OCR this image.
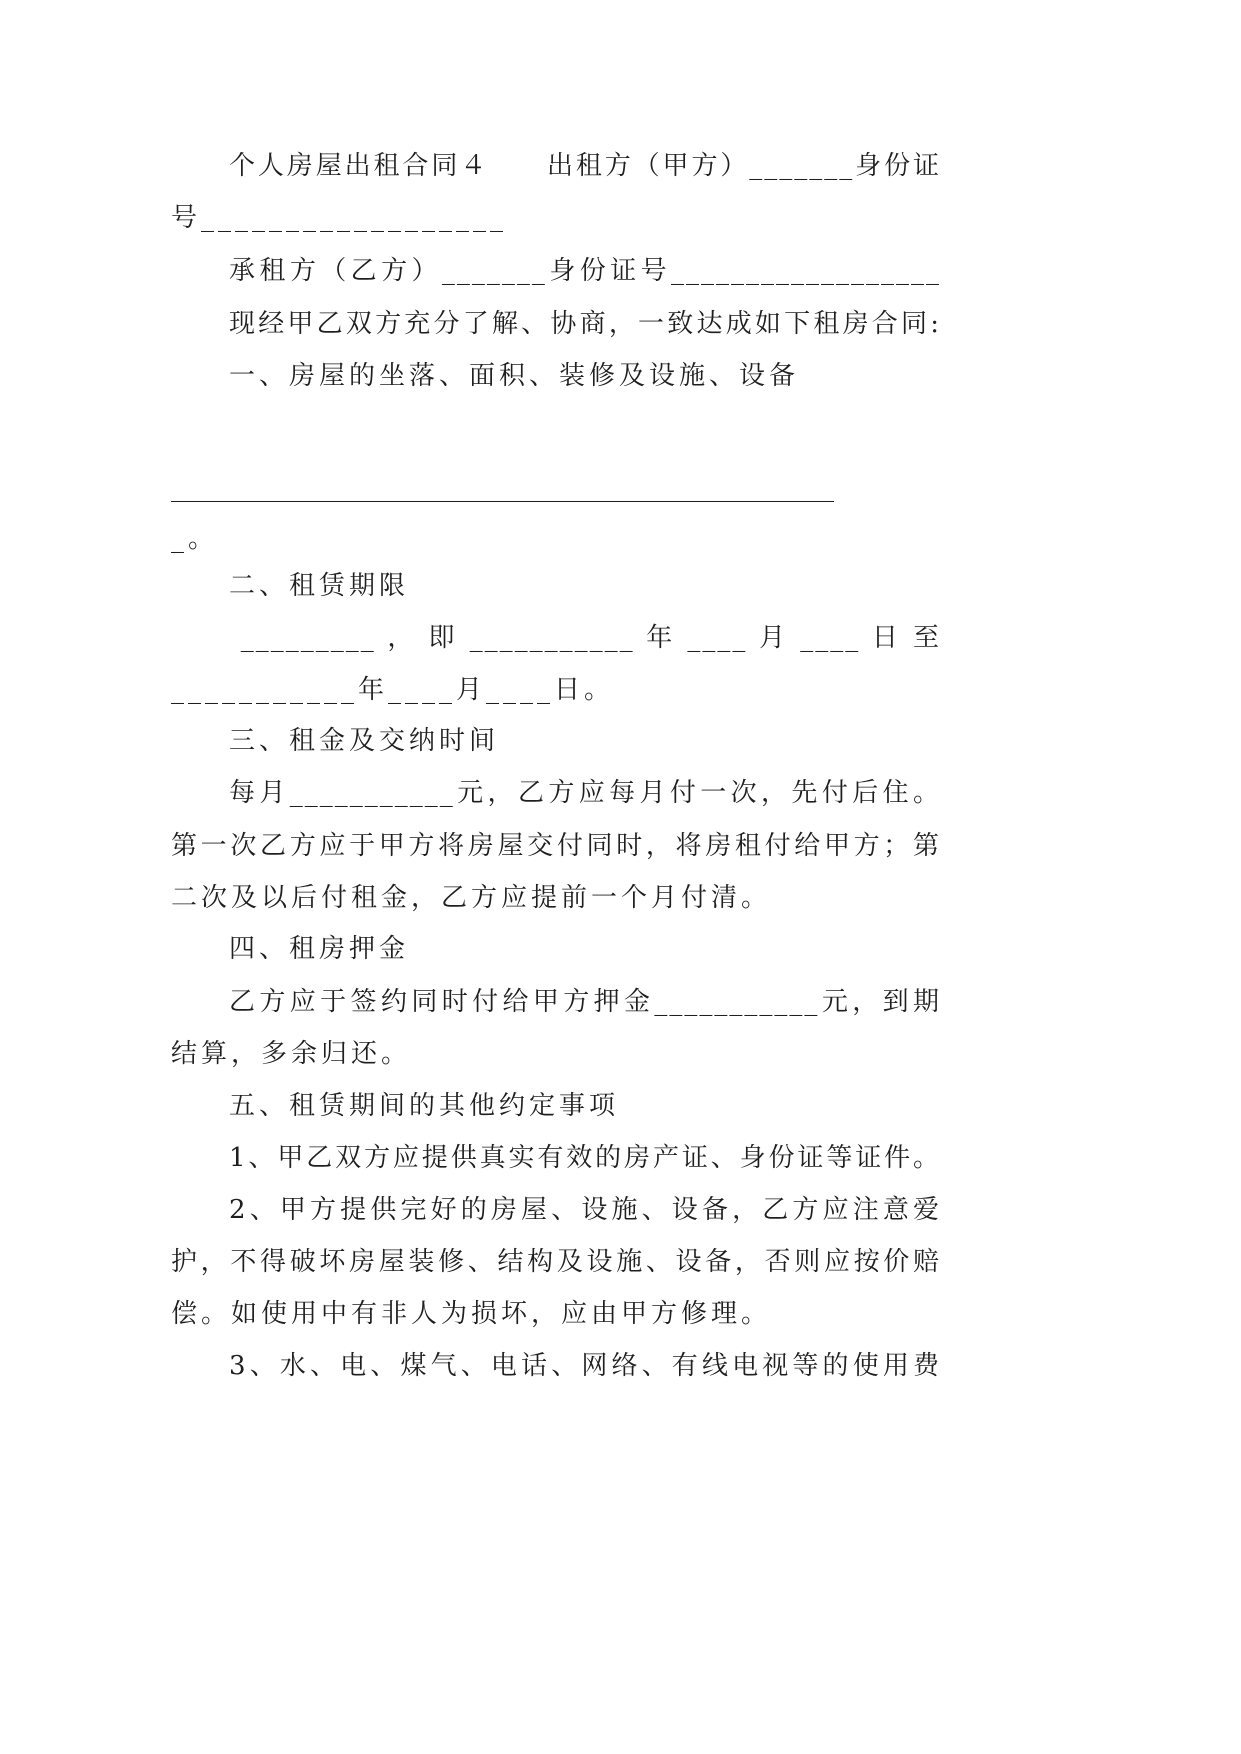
个人房屋出租合同４　　出租方（甲方）_______身份证
号__________________
承租方（乙方）_______身份证号__________________
现经甲乙双方充分了解、协商，一致达成如下租房合同:
一、房屋的坐落、面积、装修及设施、设备
___________________________________________________
_。
二、租赁期限
_________ ， 即 ___________ 年 ____ 月 ____ 日 至
___________年____月____日。
三、租金及交纳时间
每月___________元，乙方应每月付一次，先付后住。
第一次乙方应于甲方将房屋交付同时，将房租付给甲方；第
二次及以后付租金，乙方应提前一个月付清。
四、租房押金
乙方应于签约同时付给甲方押金___________元，到期
结算，多余归还。
五、租赁期间的其他约定事项
1、甲乙双方应提供真实有效的房产证、身份证等证件。
2、甲方提供完好的房屋、设施、设备，乙方应注意爱
护，不得破坏房屋装修、结构及设施、设备，否则应按价赔
偿。如使用中有非人为损坏，应由甲方修理。
3、水、电、煤气、电话、网络、有线电视等的使用费
